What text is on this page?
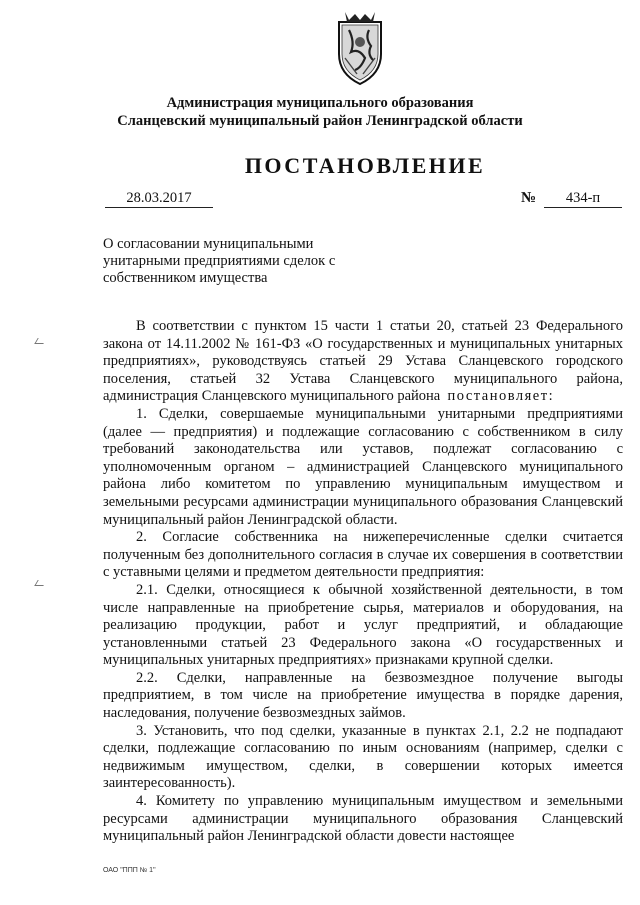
Администрация муниципального образования
Сланцевский муниципальный район Ленинградской области
ПОСТАНОВЛЕНИЕ
28.03.2017	№	434-п
О согласовании муниципальными
унитарными предприятиями сделок с
собственником имущества

В соответствии с пунктом 15 части 1 статьи 20, статьей 23 Федерального закона от 14.11.2002 № 161-ФЗ «О государственных и муниципальных унитарных предприятиях», руководствуясь статьей 29 Устава Сланцевского городского поселения, статьей 32 Устава Сланцевского муниципального района, администрация Сланцевского муниципального района постановляет:

1. Сделки, совершаемые муниципальными унитарными предприятиями (далее — предприятия) и подлежащие согласованию с собственником в силу требований законодательства или уставов, подлежат согласованию с уполномоченным органом – администрацией Сланцевского муниципального района либо комитетом по управлению муниципальным имуществом и земельными ресурсами администрации муниципального образования Сланцевский муниципальный район Ленинградской области.

2. Согласие собственника на нижеперечисленные сделки считается полученным без дополнительного согласия в случае их совершения в соответствии с уставными целями и предметом деятельности предприятия:

2.1. Сделки, относящиеся к обычной хозяйственной деятельности, в том числе направленные на приобретение сырья, материалов и оборудования, на реализацию продукции, работ и услуг предприятий, и обладающие установленными статьей 23 Федерального закона «О государственных и муниципальных унитарных предприятиях» признаками крупной сделки.

2.2. Сделки, направленные на безвозмездное получение выгоды предприятием, в том числе на приобретение имущества в порядке дарения, наследования, получение безвозмездных займов.

3. Установить, что под сделки, указанные в пунктах 2.1, 2.2 не подпадают сделки, подлежащие согласованию по иным основаниям (например, сделки с недвижимым имуществом, сделки, в совершении которых имеется заинтересованность).

4. Комитету по управлению муниципальным имуществом и земельными ресурсами администрации муниципального образования Сланцевский муниципальный район Ленинградской области довести настоящее

ОАО "ППП № 1"
